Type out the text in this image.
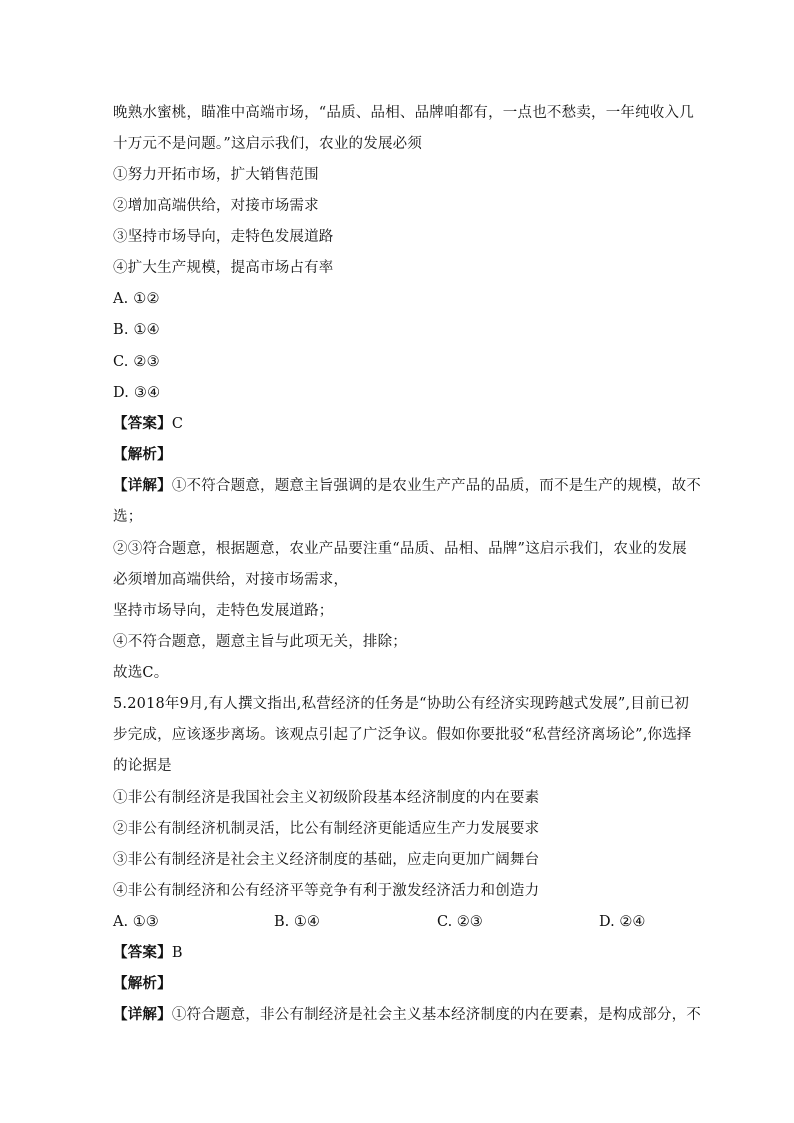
晚熟水蜜桃，瞄准中高端市场，“品质、品相、品牌咱都有，一点也不愁卖，一年纯收入几
十万元不是问题。”这启示我们，农业的发展必须
①努力开拓市场，扩大销售范围
②增加高端供给，对接市场需求
③坚持市场导向，走特色发展道路
④扩大生产规模，提高市场占有率
A. ①②
B. ①④
C. ②③
D. ③④
【答案】C
【解析】
【详解】①不符合题意，题意主旨强调的是农业生产产品的品质，而不是生产的规模，故不
选；
②③符合题意，根据题意，农业产品要注重“品质、品相、品牌”这启示我们，农业的发展
必须增加高端供给，对接市场需求，
坚持市场导向，走特色发展道路；
④不符合题意，题意主旨与此项无关，排除；
故选C。
5.2018年9月,有人撰文指出,私营经济的任务是“协助公有经济实现跨越式发展”,目前已初
步完成，应该逐步离场。该观点引起了广泛争议。假如你要批驳“私营经济离场论”,你选择
的论据是
①非公有制经济是我国社会主义初级阶段基本经济制度的内在要素
②非公有制经济机制灵活，比公有制经济更能适应生产力发展要求
③非公有制经济是社会主义经济制度的基础，应走向更加广阔舞台
④非公有制经济和公有经济平等竞争有利于激发经济活力和创造力
A. ①③	B. ①④	C. ②③	D. ②④
【答案】B
【解析】
【详解】①符合题意，非公有制经济是社会主义基本经济制度的内在要素，是构成部分，不
